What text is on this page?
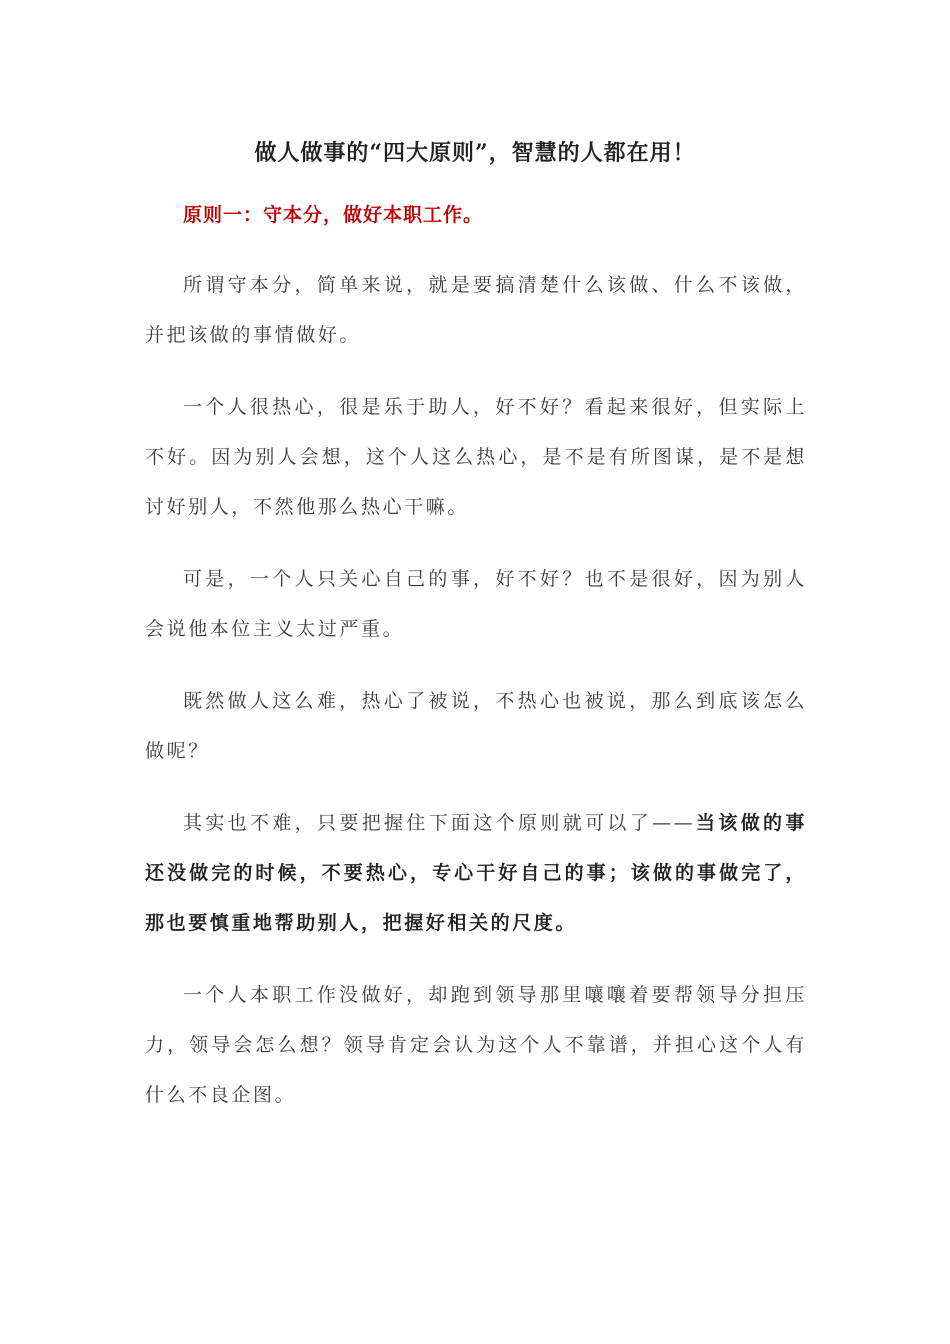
做人做事的“四大原则”，智慧的人都在用！

原则一：守本分，做好本职工作。

所谓守本分，简单来说，就是要搞清楚什么该做、什么不该做，并把该做的事情做好。

一个人很热心，很是乐于助人，好不好？看起来很好，但实际上不好。因为别人会想，这个人这么热心，是不是有所图谋，是不是想讨好别人，不然他那么热心干嘛。

可是，一个人只关心自己的事，好不好？也不是很好，因为别人会说他本位主义太过严重。

既然做人这么难，热心了被说，不热心也被说，那么到底该怎么做呢？

其实也不难，只要把握住下面这个原则就可以了——当该做的事还没做完的时候，不要热心，专心干好自己的事；该做的事做完了，那也要慎重地帮助别人，把握好相关的尺度。

一个人本职工作没做好，却跑到领导那里嚷嚷着要帮领导分担压力，领导会怎么想？领导肯定会认为这个人不靠谱，并担心这个人有什么不良企图。
